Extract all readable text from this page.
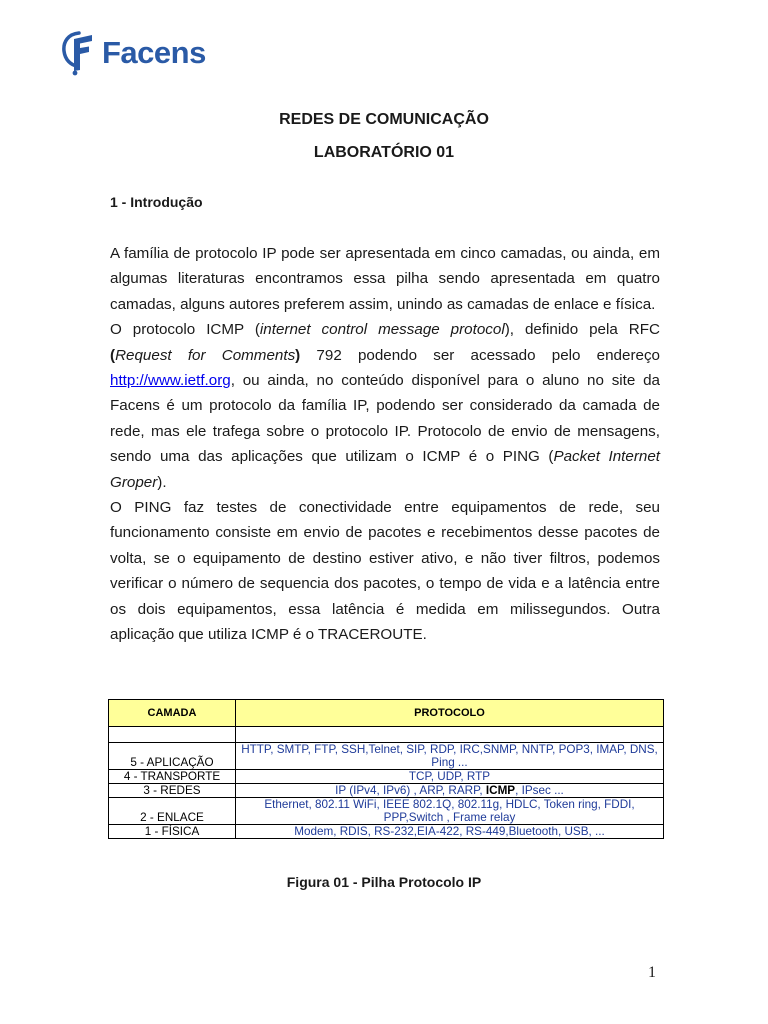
Facens
REDES DE COMUNICAÇÃO
LABORATÓRIO 01
1 - Introdução

A família de protocolo IP pode ser apresentada em cinco camadas, ou ainda, em algumas literaturas encontramos essa pilha sendo apresentada em quatro camadas, alguns autores preferem assim, unindo as camadas de enlace e física.

O protocolo ICMP (internet control message protocol), definido pela RFC (Request for Comments) 792 podendo ser acessado pelo endereço http://www.ietf.org, ou ainda, no conteúdo disponível para o aluno no site da Facens é um protocolo da família IP, podendo ser considerado da camada de rede, mas ele trafega sobre o protocolo IP. Protocolo de envio de mensagens, sendo uma das aplicações que utilizam o ICMP é o PING (Packet Internet Groper).

O PING faz testes de conectividade entre equipamentos de rede, seu funcionamento consiste em envio de pacotes e recebimentos desse pacotes de volta, se o equipamento de destino estiver ativo, e não tiver filtros, podemos verificar o número de sequencia dos pacotes, o tempo de vida e a latência entre os dois equipamentos, essa latência é medida em milissegundos. Outra aplicação que utiliza ICMP é o TRACEROUTE.

CAMADA	PROTOCOLO

5 - APLICAÇÃO	HTTP, SMTP, FTP, SSH,Telnet, SIP, RDP, IRC,SNMP, NNTP, POP3, IMAP, DNS, Ping ...
4 - TRANSPORTE	TCP, UDP, RTP
3 - REDES	IP (IPv4, IPv6) , ARP, RARP, ICMP, IPsec ...
2 - ENLACE	Ethernet, 802.11 WiFi, IEEE 802.1Q, 802.11g, HDLC, Token ring, FDDI, PPP,Switch , Frame relay
1 - FÍSICA	Modem, RDIS, RS-232,EIA-422, RS-449,Bluetooth, USB, ...
Figura 01 - Pilha Protocolo IP
1
